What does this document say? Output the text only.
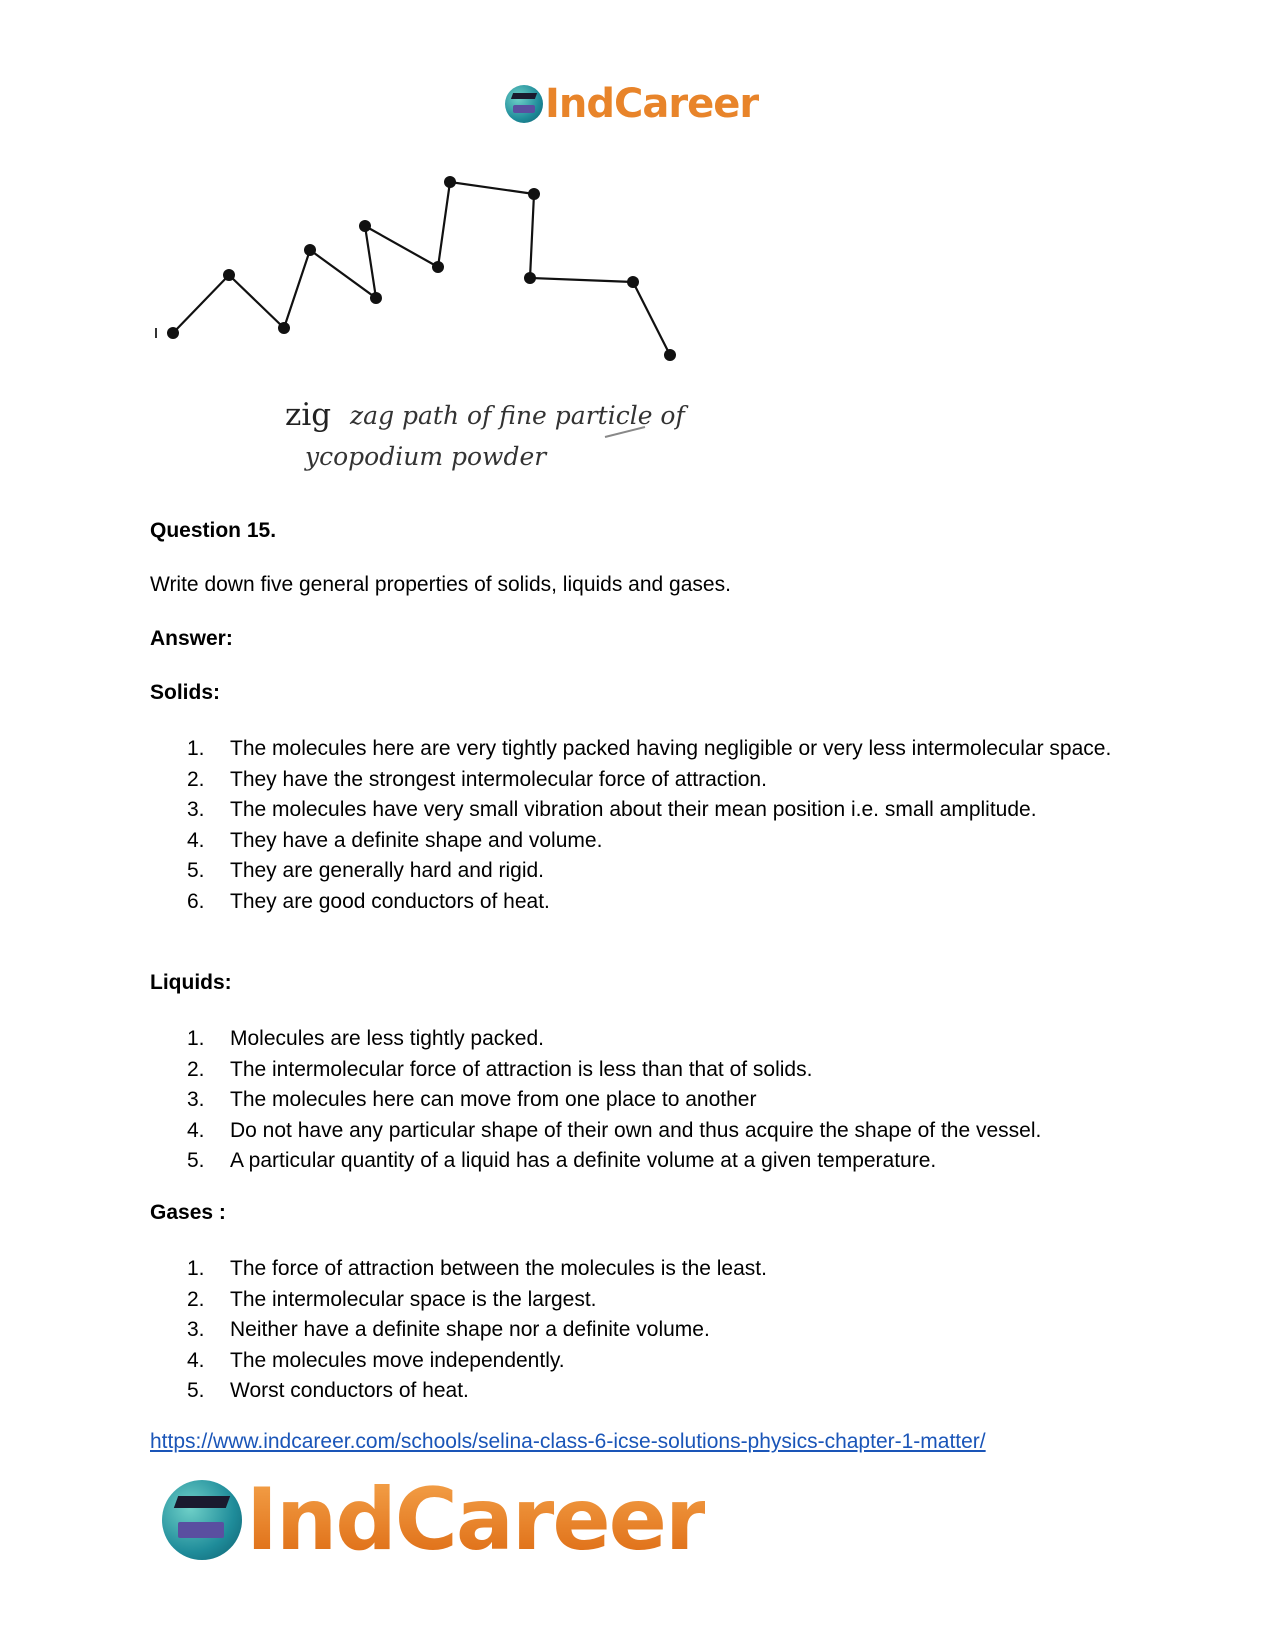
IndCareer
zig zag path of fine particle of
ycopodium powder
Question 15.
Write down five general properties of solids, liquids and gases.
Answer:
Solids:
1. The molecules here are very tightly packed having negligible or very less intermolecular space.
2. They have the strongest intermolecular force of attraction.
3. The molecules have very small vibration about their mean position i.e. small amplitude.
4. They have a definite shape and volume.
5. They are generally hard and rigid.
6. They are good conductors of heat.
Liquids:
1. Molecules are less tightly packed.
2. The intermolecular force of attraction is less than that of solids.
3. The molecules here can move from one place to another
4. Do not have any particular shape of their own and thus acquire the shape of the vessel.
5. A particular quantity of a liquid has a definite volume at a given temperature.
Gases :
1. The force of attraction between the molecules is the least.
2. The intermolecular space is the largest.
3. Neither have a definite shape nor a definite volume.
4. The molecules move independently.
5. Worst conductors of heat.
https://www.indcareer.com/schools/selina-class-6-icse-solutions-physics-chapter-1-matter/
IndCareer
